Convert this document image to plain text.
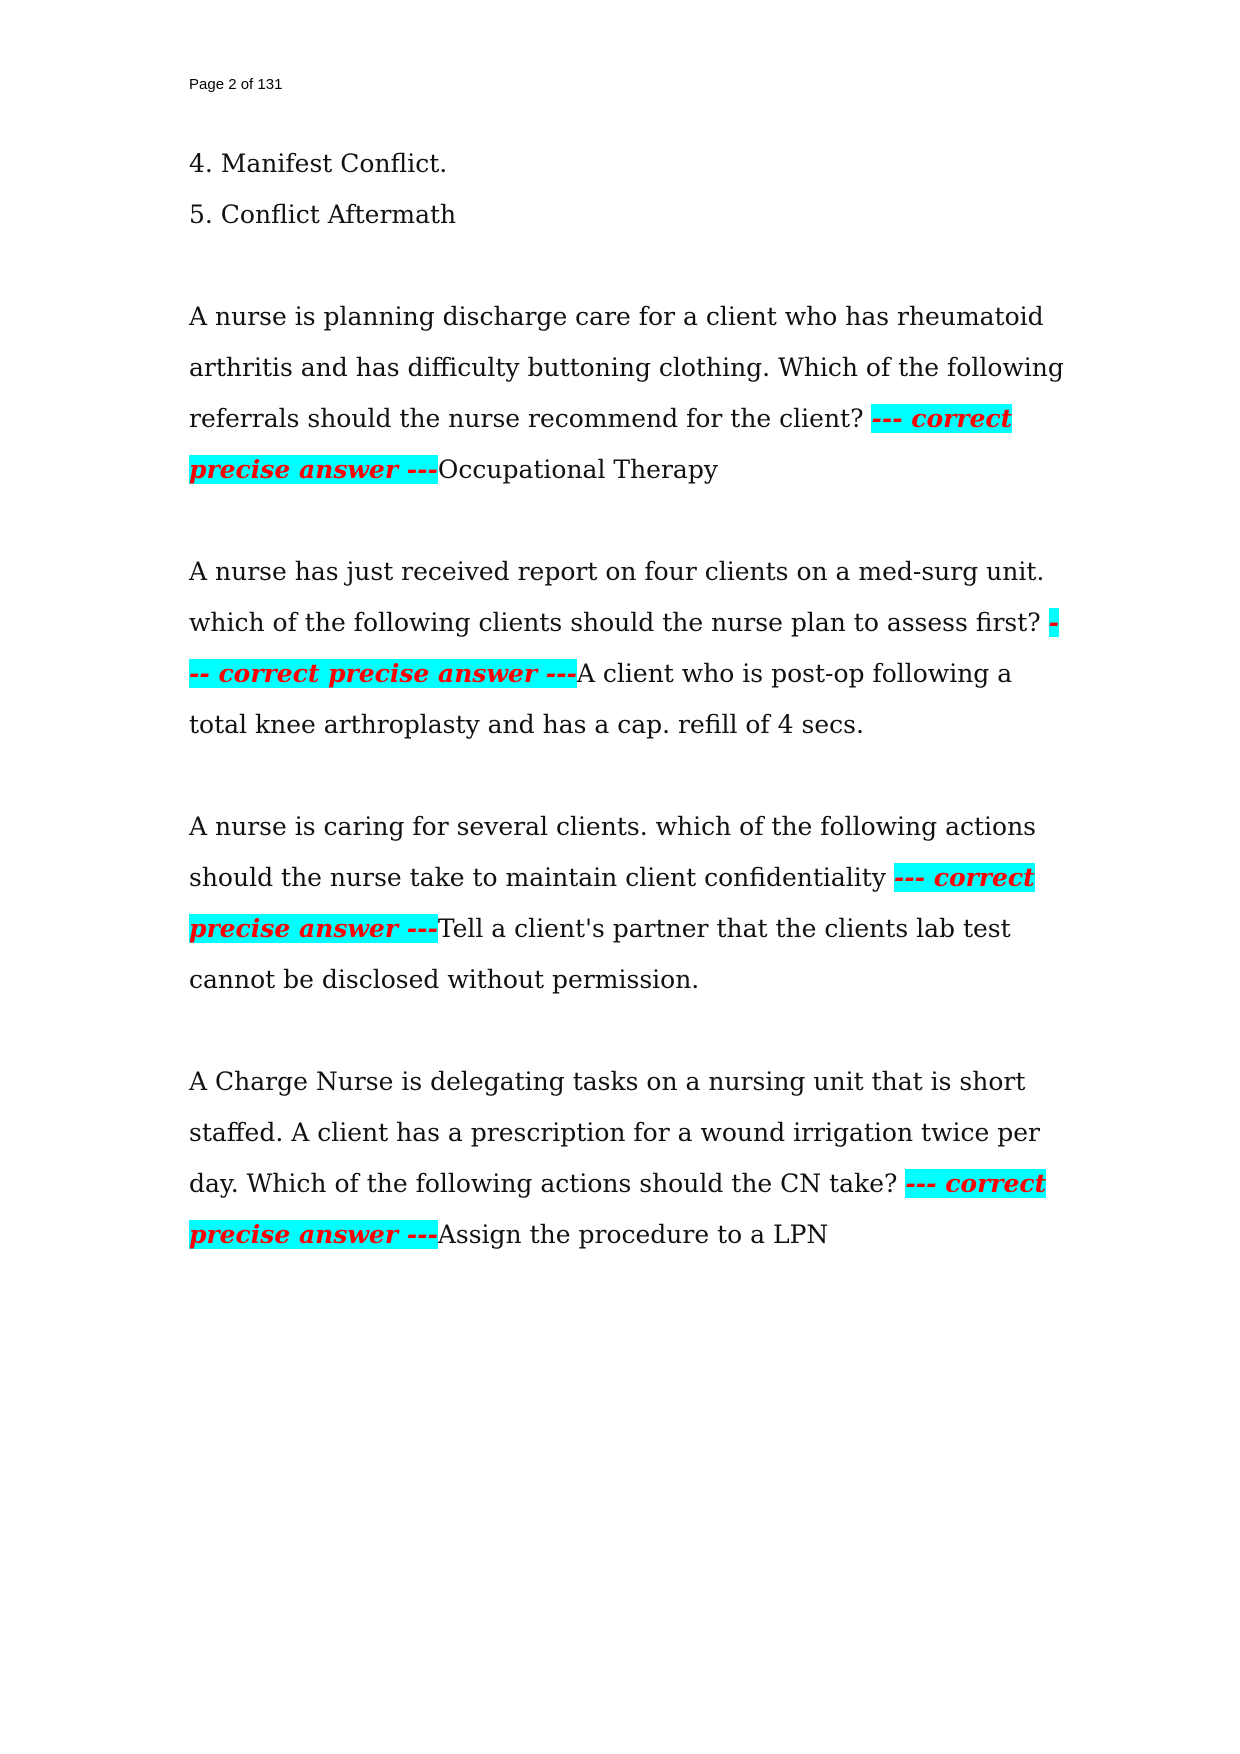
Page 2 of 131

4. Manifest Conflict.

5. Conflict Aftermath

A nurse is planning discharge care for a client who has rheumatoid arthritis and has difficulty buttoning clothing. Which of the following referrals should the nurse recommend for the client? --- correct precise answer ---Occupational Therapy

A nurse has just received report on four clients on a med-surg unit. which of the following clients should the nurse plan to assess first? --- correct precise answer ---A client who is post-op following a total knee arthroplasty and has a cap. refill of 4 secs.

A nurse is caring for several clients. which of the following actions should the nurse take to maintain client confidentiality --- correct precise answer ---Tell a client's partner that the clients lab test cannot be disclosed without permission.

A Charge Nurse is delegating tasks on a nursing unit that is short staffed. A client has a prescription for a wound irrigation twice per day. Which of the following actions should the CN take? --- correct precise answer ---Assign the procedure to a LPN
